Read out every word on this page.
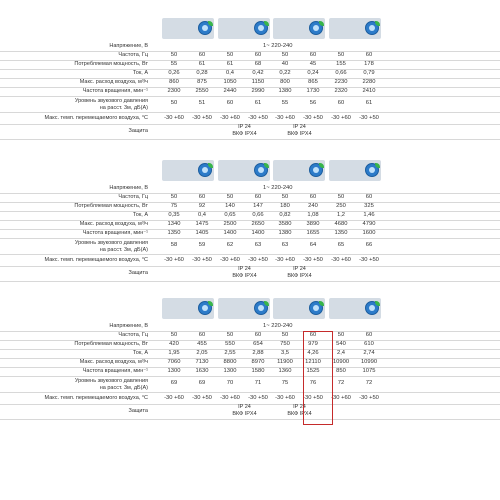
Напряжение, В	1~ 220-240
Частота, Гц	50	60	50	60	50	60	50	60
Потребляемая мощность, Вт	55	61	61	68	40	45	155	178
Ток, А	0,26	0,28	0,4	0,42	0,22	0,24	0,66	0,79
Макс. расход воздуха, м³/ч	860	875	1050	1150	800	865	2230	2280
Частота вращения, мин⁻¹	2300	2550	2440	2990	1380	1730	2320	2410
Уровень звукового давления
на расст. 3м, дБ(А)
50	51	60	61	55	56	60	61
Макс. темп. перемещаемого воздуха, °С	-30 +60	-30 +50	-30 +60	-30 +50	-30 +60	-30 +50	-30 +60	-30 +50
Защита
IP 24
ВКФ IPX4
IP 24
ВКФ IPX4
Напряжение, В	1~ 220-240
Частота, Гц	50	60	50	60	50	60	50	60
Потребляемая мощность, Вт	75	92	140	147	180	240	250	325
Ток, А	0,35	0,4	0,65	0,66	0,82	1,08	1,2	1,46
Макс. расход воздуха, м³/ч	1340	1475	2500	2650	3580	3890	4680	4790
Частота вращения, мин⁻¹	1350	1405	1400	1400	1380	1655	1350	1600
Уровень звукового давления
на расст. 3м, дБ(А)
58	59	62	63	63	64	65	66
Макс. темп. перемещаемого воздуха, °С	-30 +60	-30 +50	-30 +60	-30 +50	-30 +60	-30 +50	-30 +60	-30 +50
Защита
IP 24
ВКФ IPX4
IP 24
ВКФ IPX4
Напряжение, В	1~ 220-240
Частота, Гц	50	60	50	60	50	60	50	60
Потребляемая мощность, Вт	420	455	550	654	750	979	540	610
Ток, А	1,95	2,05	2,55	2,88	3,5	4,26	2,4	2,74
Макс. расход воздуха, м³/ч	7060	7130	8800	8970	11900	12110	10900	10990
Частота вращения, мин⁻¹	1300	1630	1300	1580	1360	1525	850	1075
Уровень звукового давления
на расст. 3м, дБ(А)
69	69	70	71	75	76	72	72
Макс. темп. перемещаемого воздуха, °С	-30 +60	-30 +50	-30 +60	-30 +50	-30 +60	-30 +50	-30 +60	-30 +50
Защита
IP 24
ВКФ IPX4
IP 24
ВКФ IPX4
